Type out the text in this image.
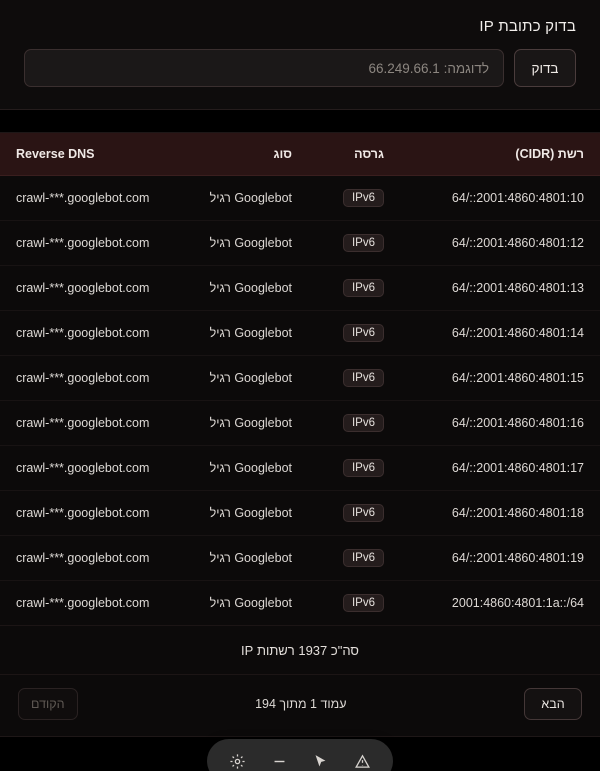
בדוק כתובת IP
בדוק
לדוגמה: 66.249.66.1
רשת (CIDR)	גרסה	סוג	Reverse DNS
2001:4860:4801:10::/64	IPv6	Googlebot רגיל	crawl-***.googlebot.com
2001:4860:4801:12::/64	IPv6	Googlebot רגיל	crawl-***.googlebot.com
2001:4860:4801:13::/64	IPv6	Googlebot רגיל	crawl-***.googlebot.com
2001:4860:4801:14::/64	IPv6	Googlebot רגיל	crawl-***.googlebot.com
2001:4860:4801:15::/64	IPv6	Googlebot רגיל	crawl-***.googlebot.com
2001:4860:4801:16::/64	IPv6	Googlebot רגיל	crawl-***.googlebot.com
2001:4860:4801:17::/64	IPv6	Googlebot רגיל	crawl-***.googlebot.com
2001:4860:4801:18::/64	IPv6	Googlebot רגיל	crawl-***.googlebot.com
2001:4860:4801:19::/64	IPv6	Googlebot רגיל	crawl-***.googlebot.com
2001:4860:4801:1a::/64	IPv6	Googlebot רגיל	crawl-***.googlebot.com
סה"כ 1937 רשתות IP
הבא
עמוד 1 מתוך 194
הקודם
